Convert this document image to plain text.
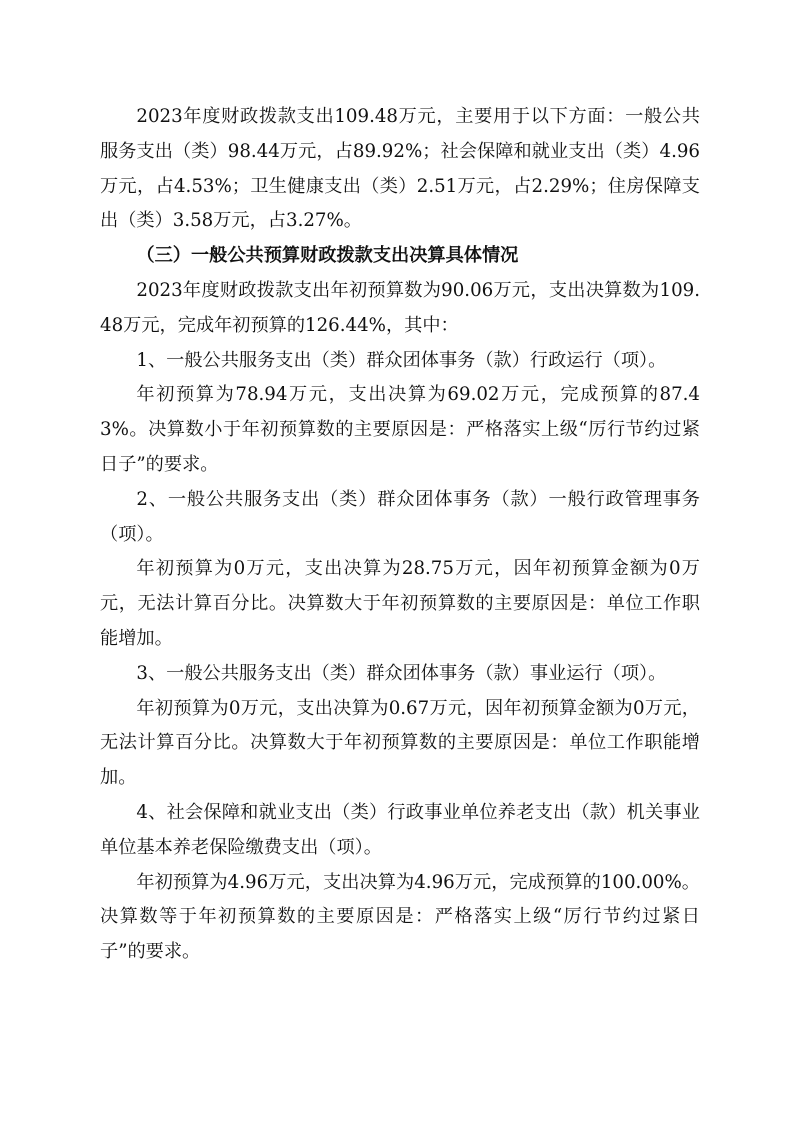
2023年度财政拨款支出109.48万元，主要用于以下方面：一般公共服务支出（类）98.44万元，占89.92%；社会保障和就业支出（类）4.96万元，占4.53%；卫生健康支出（类）2.51万元，占2.29%；住房保障支出（类）3.58万元，占3.27%。

（三）一般公共预算财政拨款支出决算具体情况

2023年度财政拨款支出年初预算数为90.06万元，支出决算数为109.48万元，完成年初预算的126.44%，其中：

1、一般公共服务支出（类）群众团体事务（款）行政运行（项）。

年初预算为78.94万元，支出决算为69.02万元，完成预算的87.43%。决算数小于年初预算数的主要原因是：严格落实上级“厉行节约过紧日子”的要求。

2、一般公共服务支出（类）群众团体事务（款）一般行政管理事务（项）。

年初预算为0万元，支出决算为28.75万元，因年初预算金额为0万元，无法计算百分比。决算数大于年初预算数的主要原因是：单位工作职能增加。

3、一般公共服务支出（类）群众团体事务（款）事业运行（项）。

年初预算为0万元，支出决算为0.67万元，因年初预算金额为0万元，无法计算百分比。决算数大于年初预算数的主要原因是：单位工作职能增加。

4、社会保障和就业支出（类）行政事业单位养老支出（款）机关事业单位基本养老保险缴费支出（项）。

年初预算为4.96万元，支出决算为4.96万元，完成预算的100.00%。决算数等于年初预算数的主要原因是：严格落实上级“厉行节约过紧日子”的要求。
